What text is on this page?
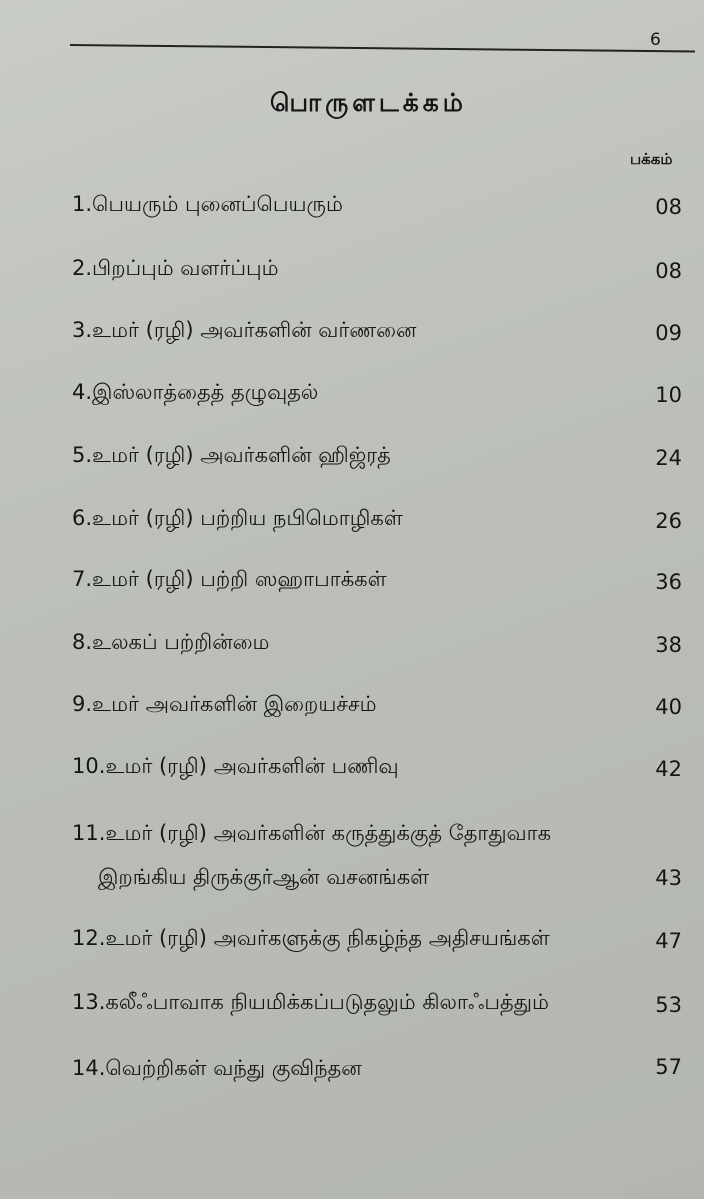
6
பொருளடக்கம்
பக்கம்
1.பெயரும் புனைப்பெயரும்	08
2.பிறப்பும் வளர்ப்பும்	08
3.உமர் (ரழி) அவர்களின் வர்ணனை	09
4.இஸ்லாத்தைத் தழுவுதல்	10
5.உமர் (ரழி) அவர்களின் ஹிஜ்ரத்	24
6.உமர் (ரழி) பற்றிய நபிமொழிகள்	26
7.உமர் (ரழி) பற்றி ஸஹாபாக்கள்	36
8.உலகப் பற்றின்மை	38
9.உமர் அவர்களின் இறையச்சம்	40
10.உமர் (ரழி) அவர்களின் பணிவு	42
11.உமர் (ரழி) அவர்களின் கருத்துக்குத் தோதுவாக
இறங்கிய திருக்குர்ஆன் வசனங்கள்	43
12.உமர் (ரழி) அவர்களுக்கு நிகழ்ந்த அதிசயங்கள்	47
13.கலீஃபாவாக நியமிக்கப்படுதலும் கிலாஃபத்தும்	53
14.வெற்றிகள் வந்து குவிந்தன	57
